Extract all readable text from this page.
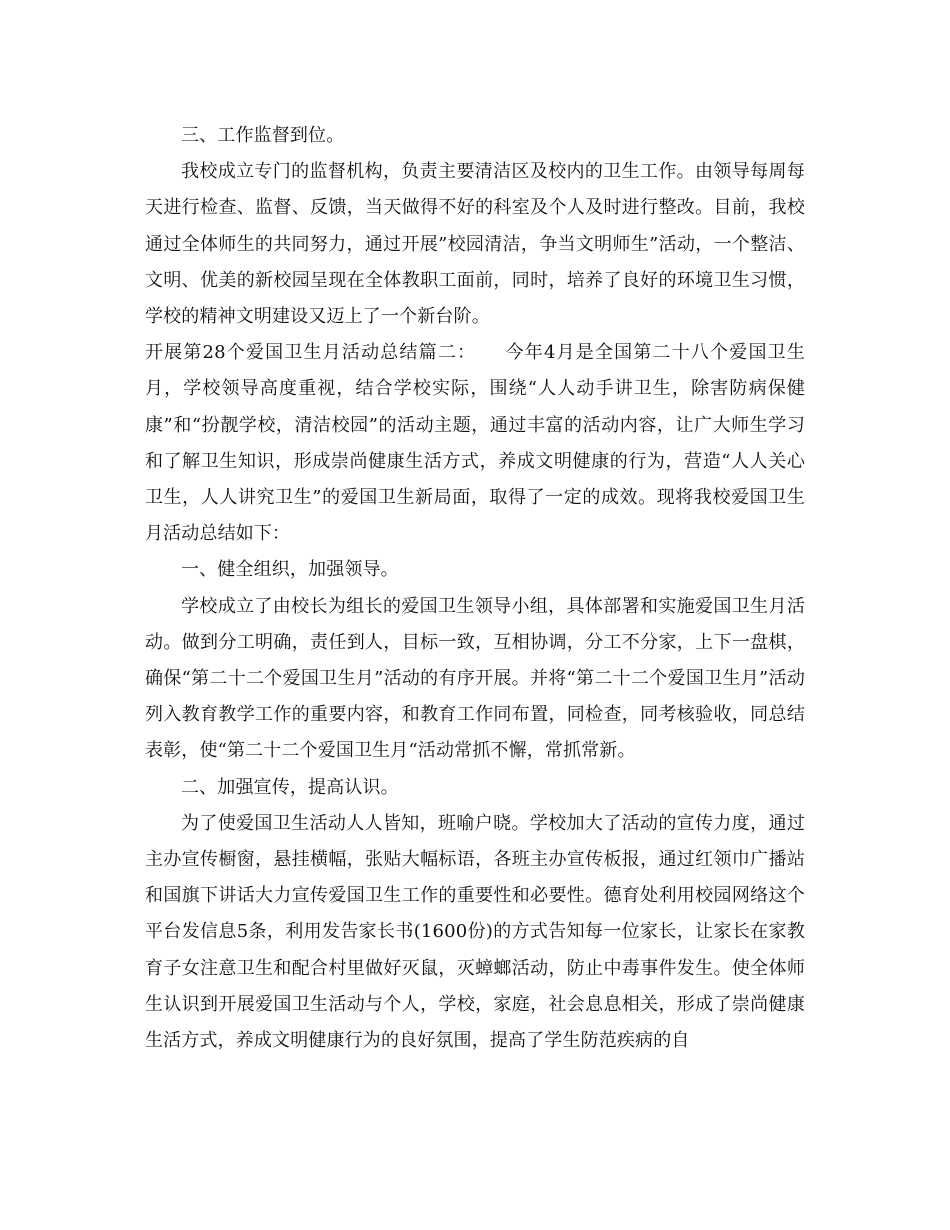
三、工作监督到位。

我校成立专门的监督机构，负责主要清洁区及校内的卫生工作。由领导每周每天进行检查、监督、反馈，当天做得不好的科室及个人及时进行整改。目前，我校通过全体师生的共同努力，通过开展”校园清洁，争当文明师生”活动，一个整洁、文明、优美的新校园呈现在全体教职工面前，同时，培养了良好的环境卫生习惯，学校的精神文明建设又迈上了一个新台阶。

开展第28个爱国卫生月活动总结篇二：　　今年4月是全国第二十八个爱国卫生月，学校领导高度重视，结合学校实际，围绕“人人动手讲卫生，除害防病保健康”和“扮靓学校，清洁校园”的活动主题，通过丰富的活动内容，让广大师生学习和了解卫生知识，形成崇尚健康生活方式，养成文明健康的行为，营造“人人关心卫生，人人讲究卫生”的爱国卫生新局面，取得了一定的成效。现将我校爱国卫生月活动总结如下：

一、健全组织，加强领导。

学校成立了由校长为组长的爱国卫生领导小组，具体部署和实施爱国卫生月活动。做到分工明确，责任到人，目标一致，互相协调，分工不分家，上下一盘棋，确保“第二十二个爱国卫生月”活动的有序开展。并将“第二十二个爱国卫生月”活动列入教育教学工作的重要内容，和教育工作同布置，同检查，同考核验收，同总结表彰，使“第二十二个爱国卫生月“活动常抓不懈，常抓常新。

二、加强宣传，提高认识。

为了使爱国卫生活动人人皆知，班喻户晓。学校加大了活动的宣传力度，通过主办宣传橱窗，悬挂横幅，张贴大幅标语，各班主办宣传板报，通过红领巾广播站和国旗下讲话大力宣传爱国卫生工作的重要性和必要性。德育处利用校园网络这个平台发信息5条，利用发告家长书(1600份)的方式告知每一位家长，让家长在家教育子女注意卫生和配合村里做好灭鼠，灭蟑螂活动，防止中毒事件发生。使全体师生认识到开展爱国卫生活动与个人，学校，家庭，社会息息相关，形成了崇尚健康生活方式，养成文明健康行为的良好氛围，提高了学生防范疾病的自
